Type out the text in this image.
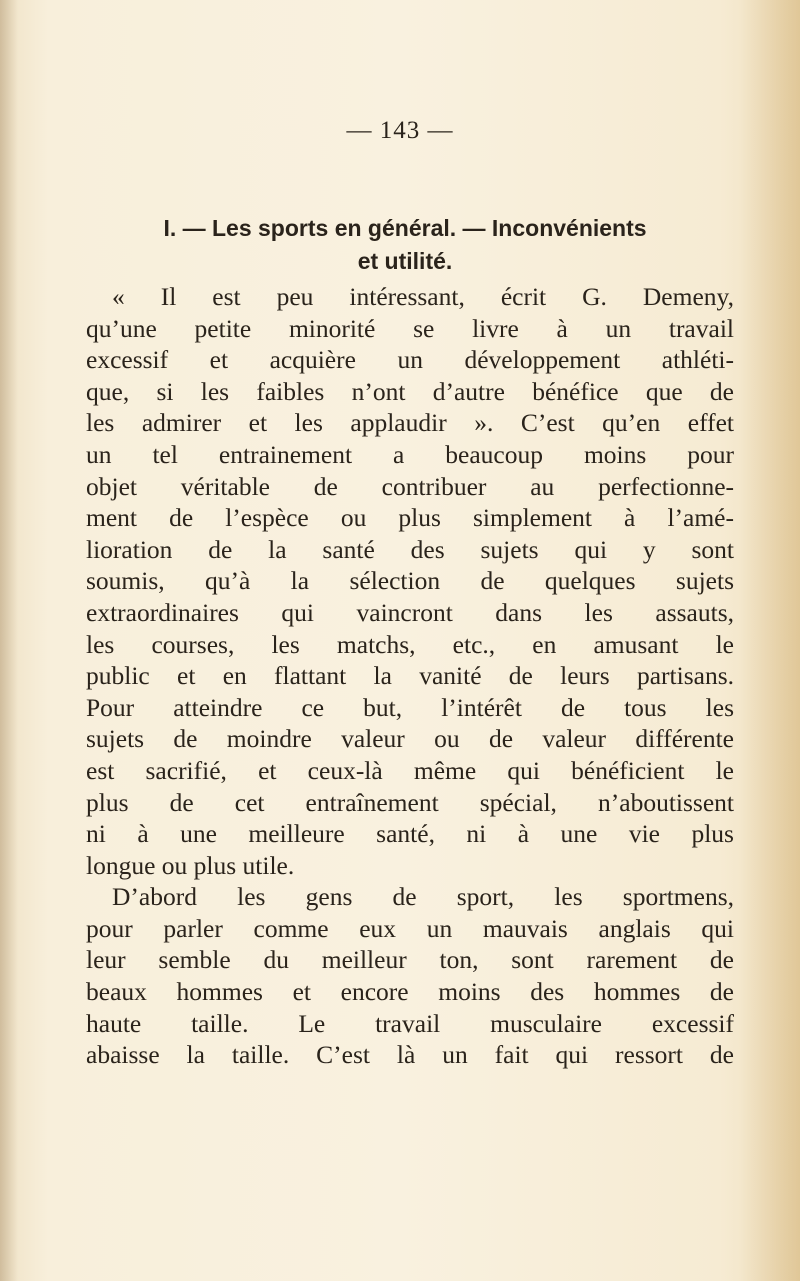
— 143 —
I. — Les sports en général. — Inconvénients
et utilité.
« Il est peu intéressant, écrit G. Demeny,
qu’une petite minorité se livre à un travail
excessif et acquière un développement athléti-
que, si les faibles n’ont d’autre bénéfice que de
les admirer et les applaudir ». C’est qu’en effet
un tel entrainement a beaucoup moins pour
objet véritable de contribuer au perfectionne-
ment de l’espèce ou plus simplement à l’amé-
lioration de la santé des sujets qui y sont
soumis, qu’à la sélection de quelques sujets
extraordinaires qui vaincront dans les assauts,
les courses, les matchs, etc., en amusant le
public et en flattant la vanité de leurs partisans.
Pour atteindre ce but, l’intérêt de tous les
sujets de moindre valeur ou de valeur différente
est sacrifié, et ceux-là même qui bénéficient le
plus de cet entraînement spécial, n’aboutissent
ni à une meilleure santé, ni à une vie plus
longue ou plus utile.
D’abord les gens de sport, les sportmens,
pour parler comme eux un mauvais anglais qui
leur semble du meilleur ton, sont rarement de
beaux hommes et encore moins des hommes de
haute taille. Le travail musculaire excessif
abaisse la taille. C’est là un fait qui ressort de
